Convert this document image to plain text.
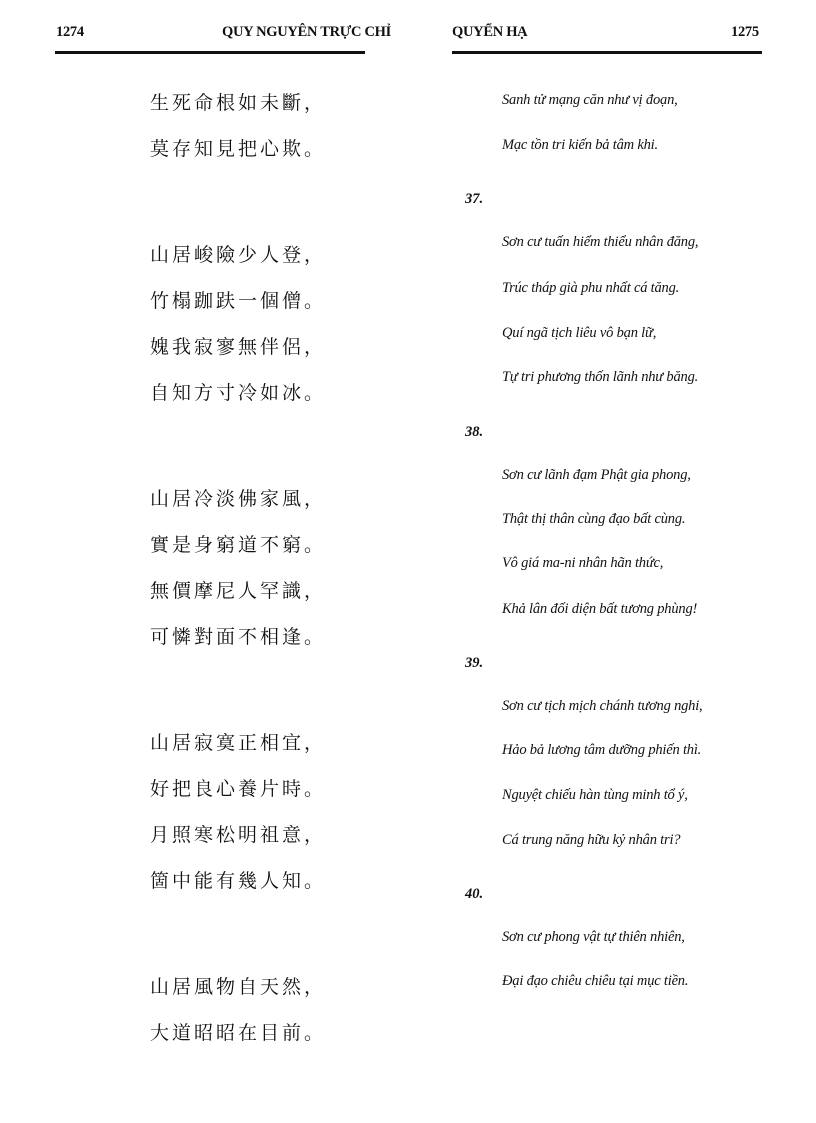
1274	QUY NGUYÊN TRỰC CHỈ	QUYỂN HẠ	1275
生死命根如未斷，
莫存知見把心欺。
山居峻險少人登，
竹榻跏趺一個僧。
媿我寂寥無伴侶，
自知方寸冷如冰。
山居冷淡佛家風，
實是身窮道不窮。
無價摩尼人罕識，
可憐對面不相逢。
山居寂寞正相宜，
好把良心養片時。
月照寒松明祖意，
箇中能有幾人知。
山居風物自天然，
大道昭昭在目前。
Sanh tử mạng căn như vị đoạn,
Mạc tồn tri kiến bả tâm khi.
37.
Sơn cư tuấn hiểm thiểu nhân đăng,
Trúc tháp già phu nhất cá tăng.
Quí ngã tịch liêu vô bạn lữ,
Tự tri phương thốn lãnh như băng.
38.
Sơn cư lãnh đạm Phật gia phong,
Thật thị thân cùng đạo bất cùng.
Vô giá ma-ni nhân hãn thức,
Khả lân đối diện bất tương phùng!
39.
Sơn cư tịch mịch chánh tương nghi,
Hảo bả lương tâm dưỡng phiến thì.
Nguyệt chiếu hàn tùng minh tổ ý,
Cá trung năng hữu kỷ nhân tri?
40.
Sơn cư phong vật tự thiên nhiên,
Đại đạo chiêu chiêu tại mục tiền.
